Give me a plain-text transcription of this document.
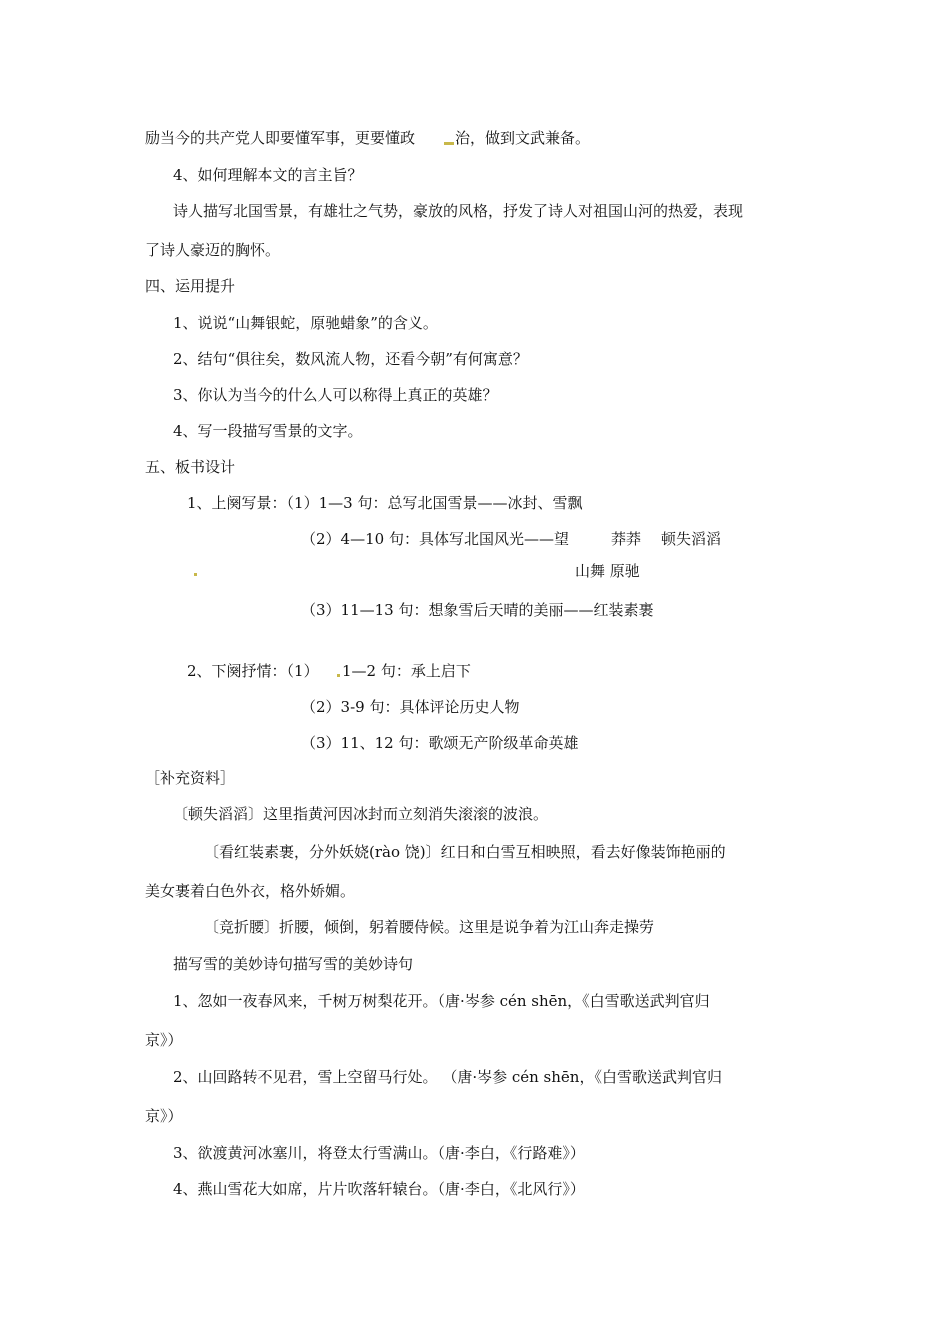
励当今的共产党人即要懂军事，更要懂政	治，做到文武兼备。
4、如何理解本文的言主旨？
诗人描写北国雪景，有雄壮之气势，豪放的风格，抒发了诗人对祖国山河的热爱，表现
了诗人豪迈的胸怀。
四、运用提升
1、说说“山舞银蛇，原驰蜡象”的含义。
2、结句“俱往矣，数风流人物，还看今朝”有何寓意？
3、你认为当今的什么人可以称得上真正的英雄？
4、写一段描写雪景的文字。
五、板书设计
1、上阕写景：（1）1—3 句：总写北国雪景——冰封、雪飘
（2）4—10 句：具体写北国风光——望	莽莽 顿失滔滔
山舞 原驰
（3）11—13 句：想象雪后天晴的美丽——红装素裹
2、下阕抒情：（1） 1—2 句：承上启下
（2）3-9 句：具体评论历史人物
（3）11、12 句：歌颂无产阶级革命英雄
［补充资料］
〔顿失滔滔〕这里指黄河因冰封而立刻消失滚滚的波浪。
〔看红装素裹，分外妖娆(rào 饶)〕红日和白雪互相映照，看去好像装饰艳丽的
美女裹着白色外衣，格外娇媚。
〔竞折腰〕折腰，倾倒，躬着腰侍候。这里是说争着为江山奔走操劳
描写雪的美妙诗句描写雪的美妙诗句
1、忽如一夜春风来，千树万树梨花开。（唐·岑参 cén shēn，《白雪歌送武判官归
京》）
2、山回路转不见君，雪上空留马行处。 （唐·岑参 cén shēn，《白雪歌送武判官归
京》）
3、欲渡黄河冰塞川，将登太行雪满山。（唐·李白，《行路难》）
4、燕山雪花大如席，片片吹落轩辕台。（唐·李白，《北风行》）
